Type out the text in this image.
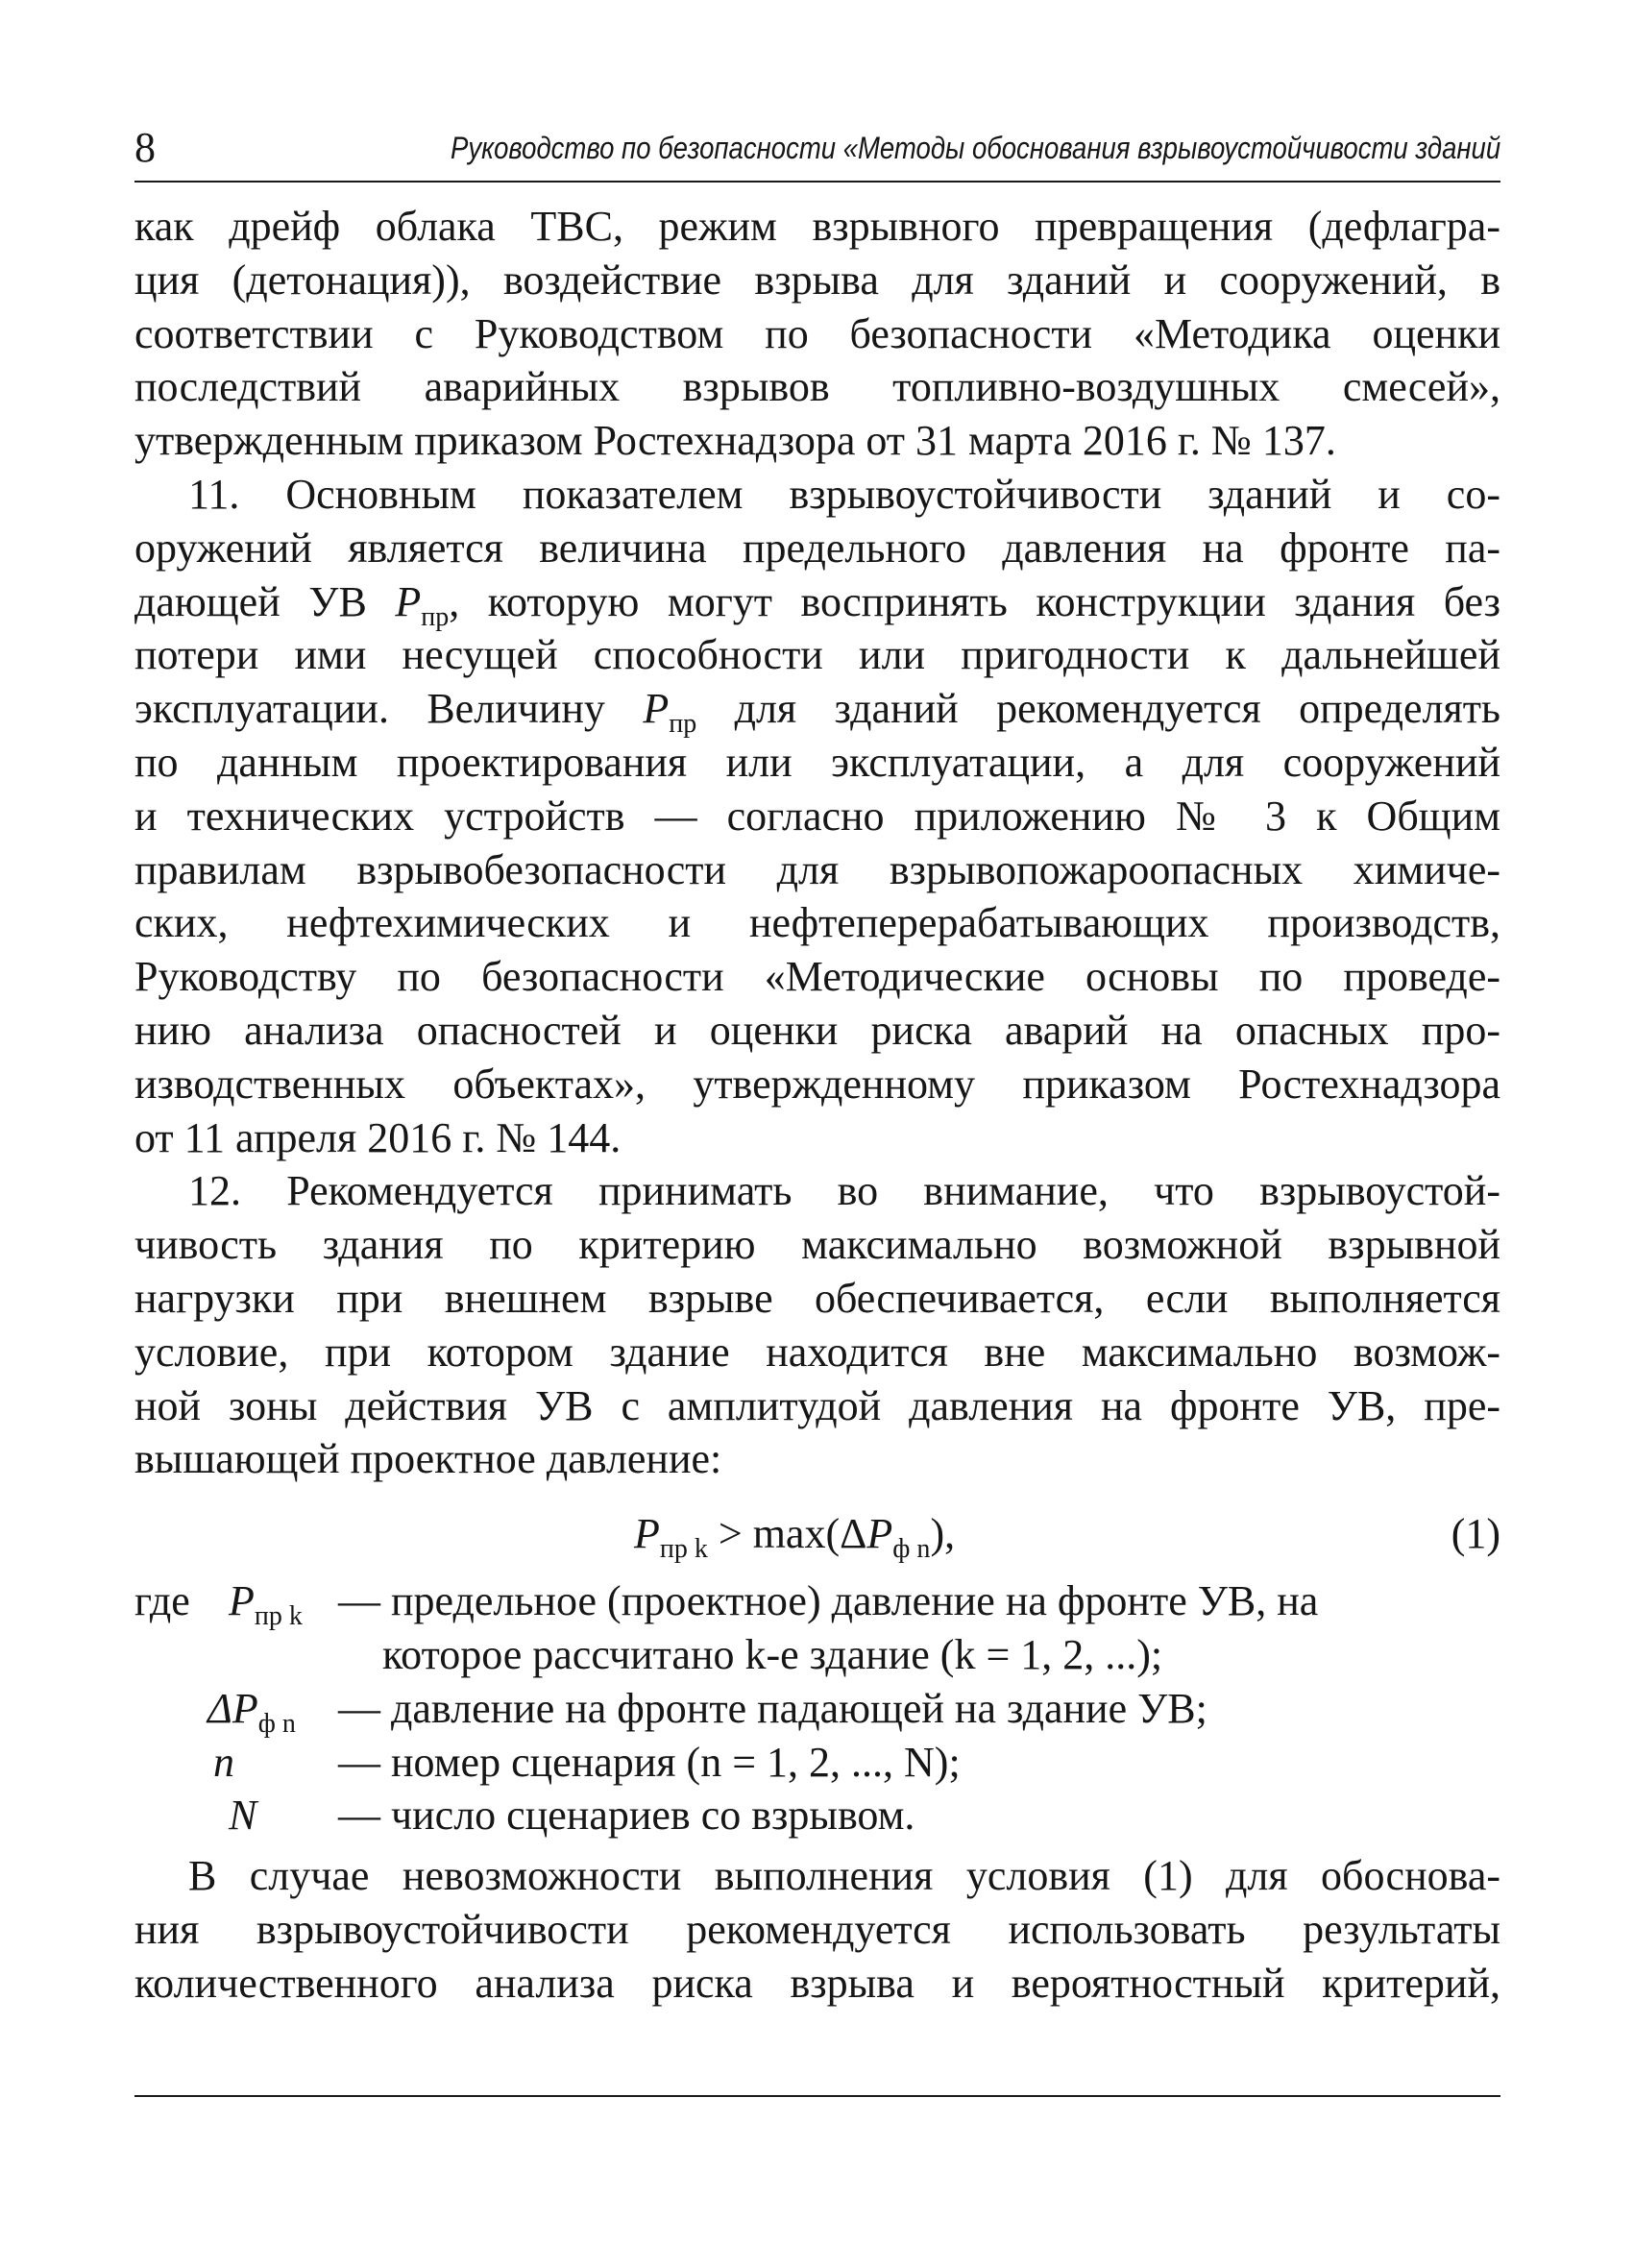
8	Руководство по безопасности «Методы обоснования взрывоустойчивости зданий
как дрейф облака ТВС, режим взрывного превращения (дефлагра-
ция (детонация)), воздействие взрыва для зданий и сооружений, в
соответствии с Руководством по безопасности «Методика оценки
последствий аварийных взрывов топливно-воздушных смесей»,
утвержденным приказом Ростехнадзора от 31 марта 2016 г. № 137.
11. Основным показателем взрывоустойчивости зданий и со-
оружений является величина предельного давления на фронте па-
дающей УВ $P_{пр}$, которую могут воспринять конструкции здания без
потери ими несущей способности или пригодности к дальнейшей
эксплуатации. Величину $P_{пр}$ для зданий рекомендуется определять
по данным проектирования или эксплуатации, а для сооружений
и технических устройств — согласно приложению № 3 к Общим
правилам взрывобезопасности для взрывопожароопасных химиче-
ских, нефтехимических и нефтеперерабатывающих производств,
Руководству по безопасности «Методические основы по проведе-
нию анализа опасностей и оценки риска аварий на опасных про-
изводственных объектах», утвержденному приказом Ростехнадзора
от 11 апреля 2016 г. № 144.
12. Рекомендуется принимать во внимание, что взрывоустой-
чивость здания по критерию максимально возможной взрывной
нагрузки при внешнем взрыве обеспечивается, если выполняется
условие, при котором здание находится вне максимально возмож-
ной зоны действия УВ с амплитудой давления на фронте УВ, пре-
вышающей проектное давление:
$P_{пр k} > \max(\Delta P_{ф n})$,	(1)
где $P_{пр k}$ — предельное (проектное) давление на фронте УВ, на
которое рассчитано k-е здание (k = 1, 2, ...);
$\Delta P_{ф n}$ — давление на фронте падающей на здание УВ;
n — номер сценария (n = 1, 2, ..., N);
N — число сценариев со взрывом.
В случае невозможности выполнения условия (1) для обоснова-
ния взрывоустойчивости рекомендуется использовать результаты
количественного анализа риска взрыва и вероятностный критерий,
